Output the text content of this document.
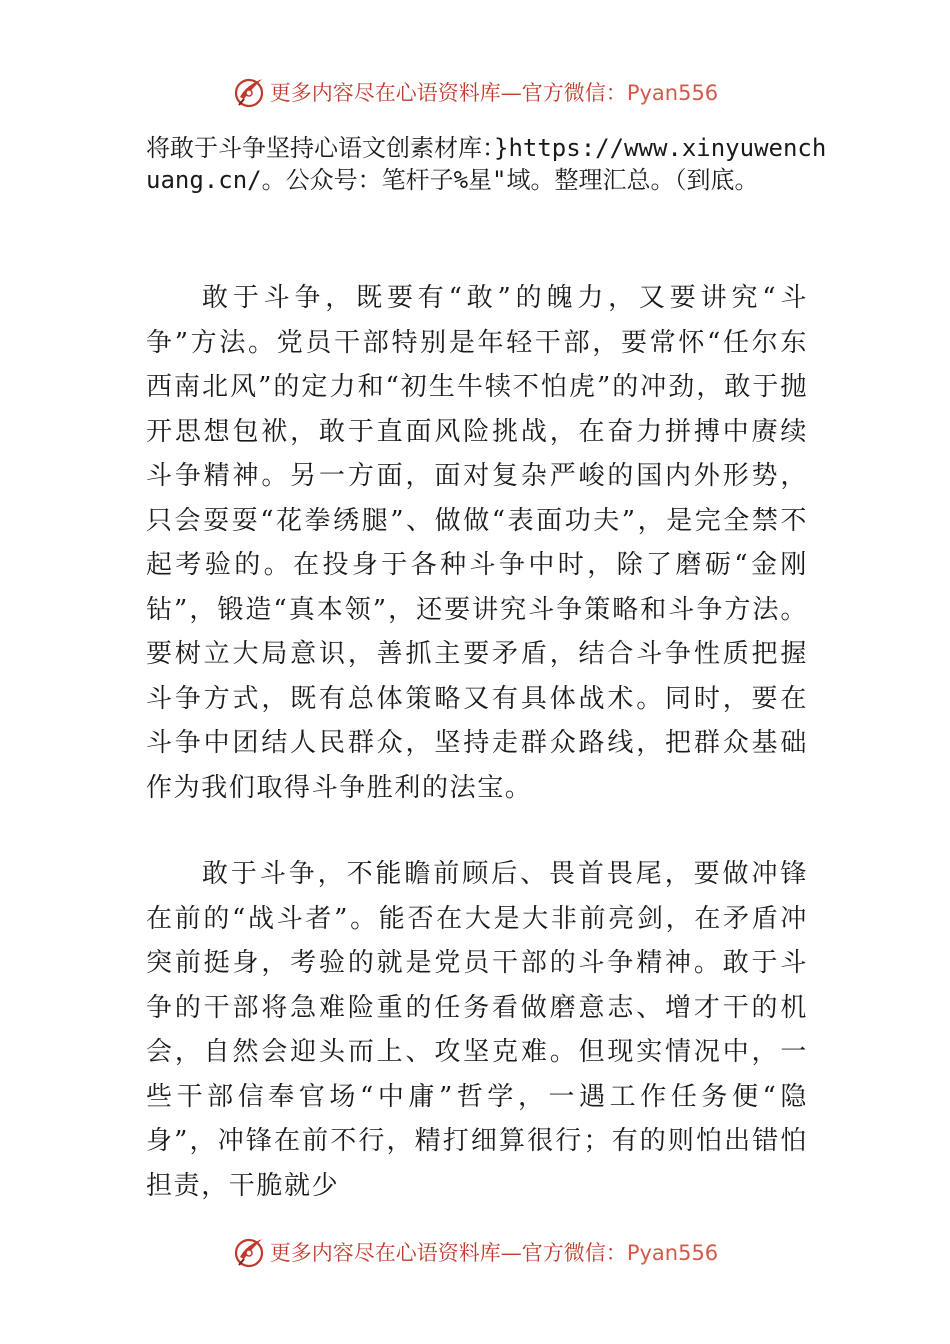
更多内容尽在心语资料库—官方微信：Pyan556
将敢于斗争坚持心语文创素材库：}https://www.xinyuwenchuang.cn/。公众号：笔杆子%星"域。整理汇总。（到底。
敢于斗争，既要有“敢”的魄力，又要讲究“斗争”方法。党员干部特别是年轻干部，要常怀“任尔东西南北风”的定力和“初生牛犊不怕虎”的冲劲，敢于抛开思想包袱，敢于直面风险挑战，在奋力拼搏中赓续斗争精神。另一方面，面对复杂严峻的国内外形势，只会耍耍“花拳绣腿”、做做“表面功夫”，是完全禁不起考验的。在投身于各种斗争中时，除了磨砺“金刚钻”，锻造“真本领”，还要讲究斗争策略和斗争方法。要树立大局意识，善抓主要矛盾，结合斗争性质把握斗争方式，既有总体策略又有具体战术。同时，要在斗争中团结人民群众，坚持走群众路线，把群众基础作为我们取得斗争胜利的法宝。
敢于斗争，不能瞻前顾后、畏首畏尾，要做冲锋在前的“战斗者”。能否在大是大非前亮剑，在矛盾冲突前挺身，考验的就是党员干部的斗争精神。敢于斗争的干部将急难险重的任务看做磨意志、增才干的机会，自然会迎头而上、攻坚克难。但现实情况中，一些干部信奉官场“中庸”哲学，一遇工作任务便“隐身”，冲锋在前不行，精打细算很行；有的则怕出错怕担责，干脆就少
更多内容尽在心语资料库—官方微信：Pyan556
